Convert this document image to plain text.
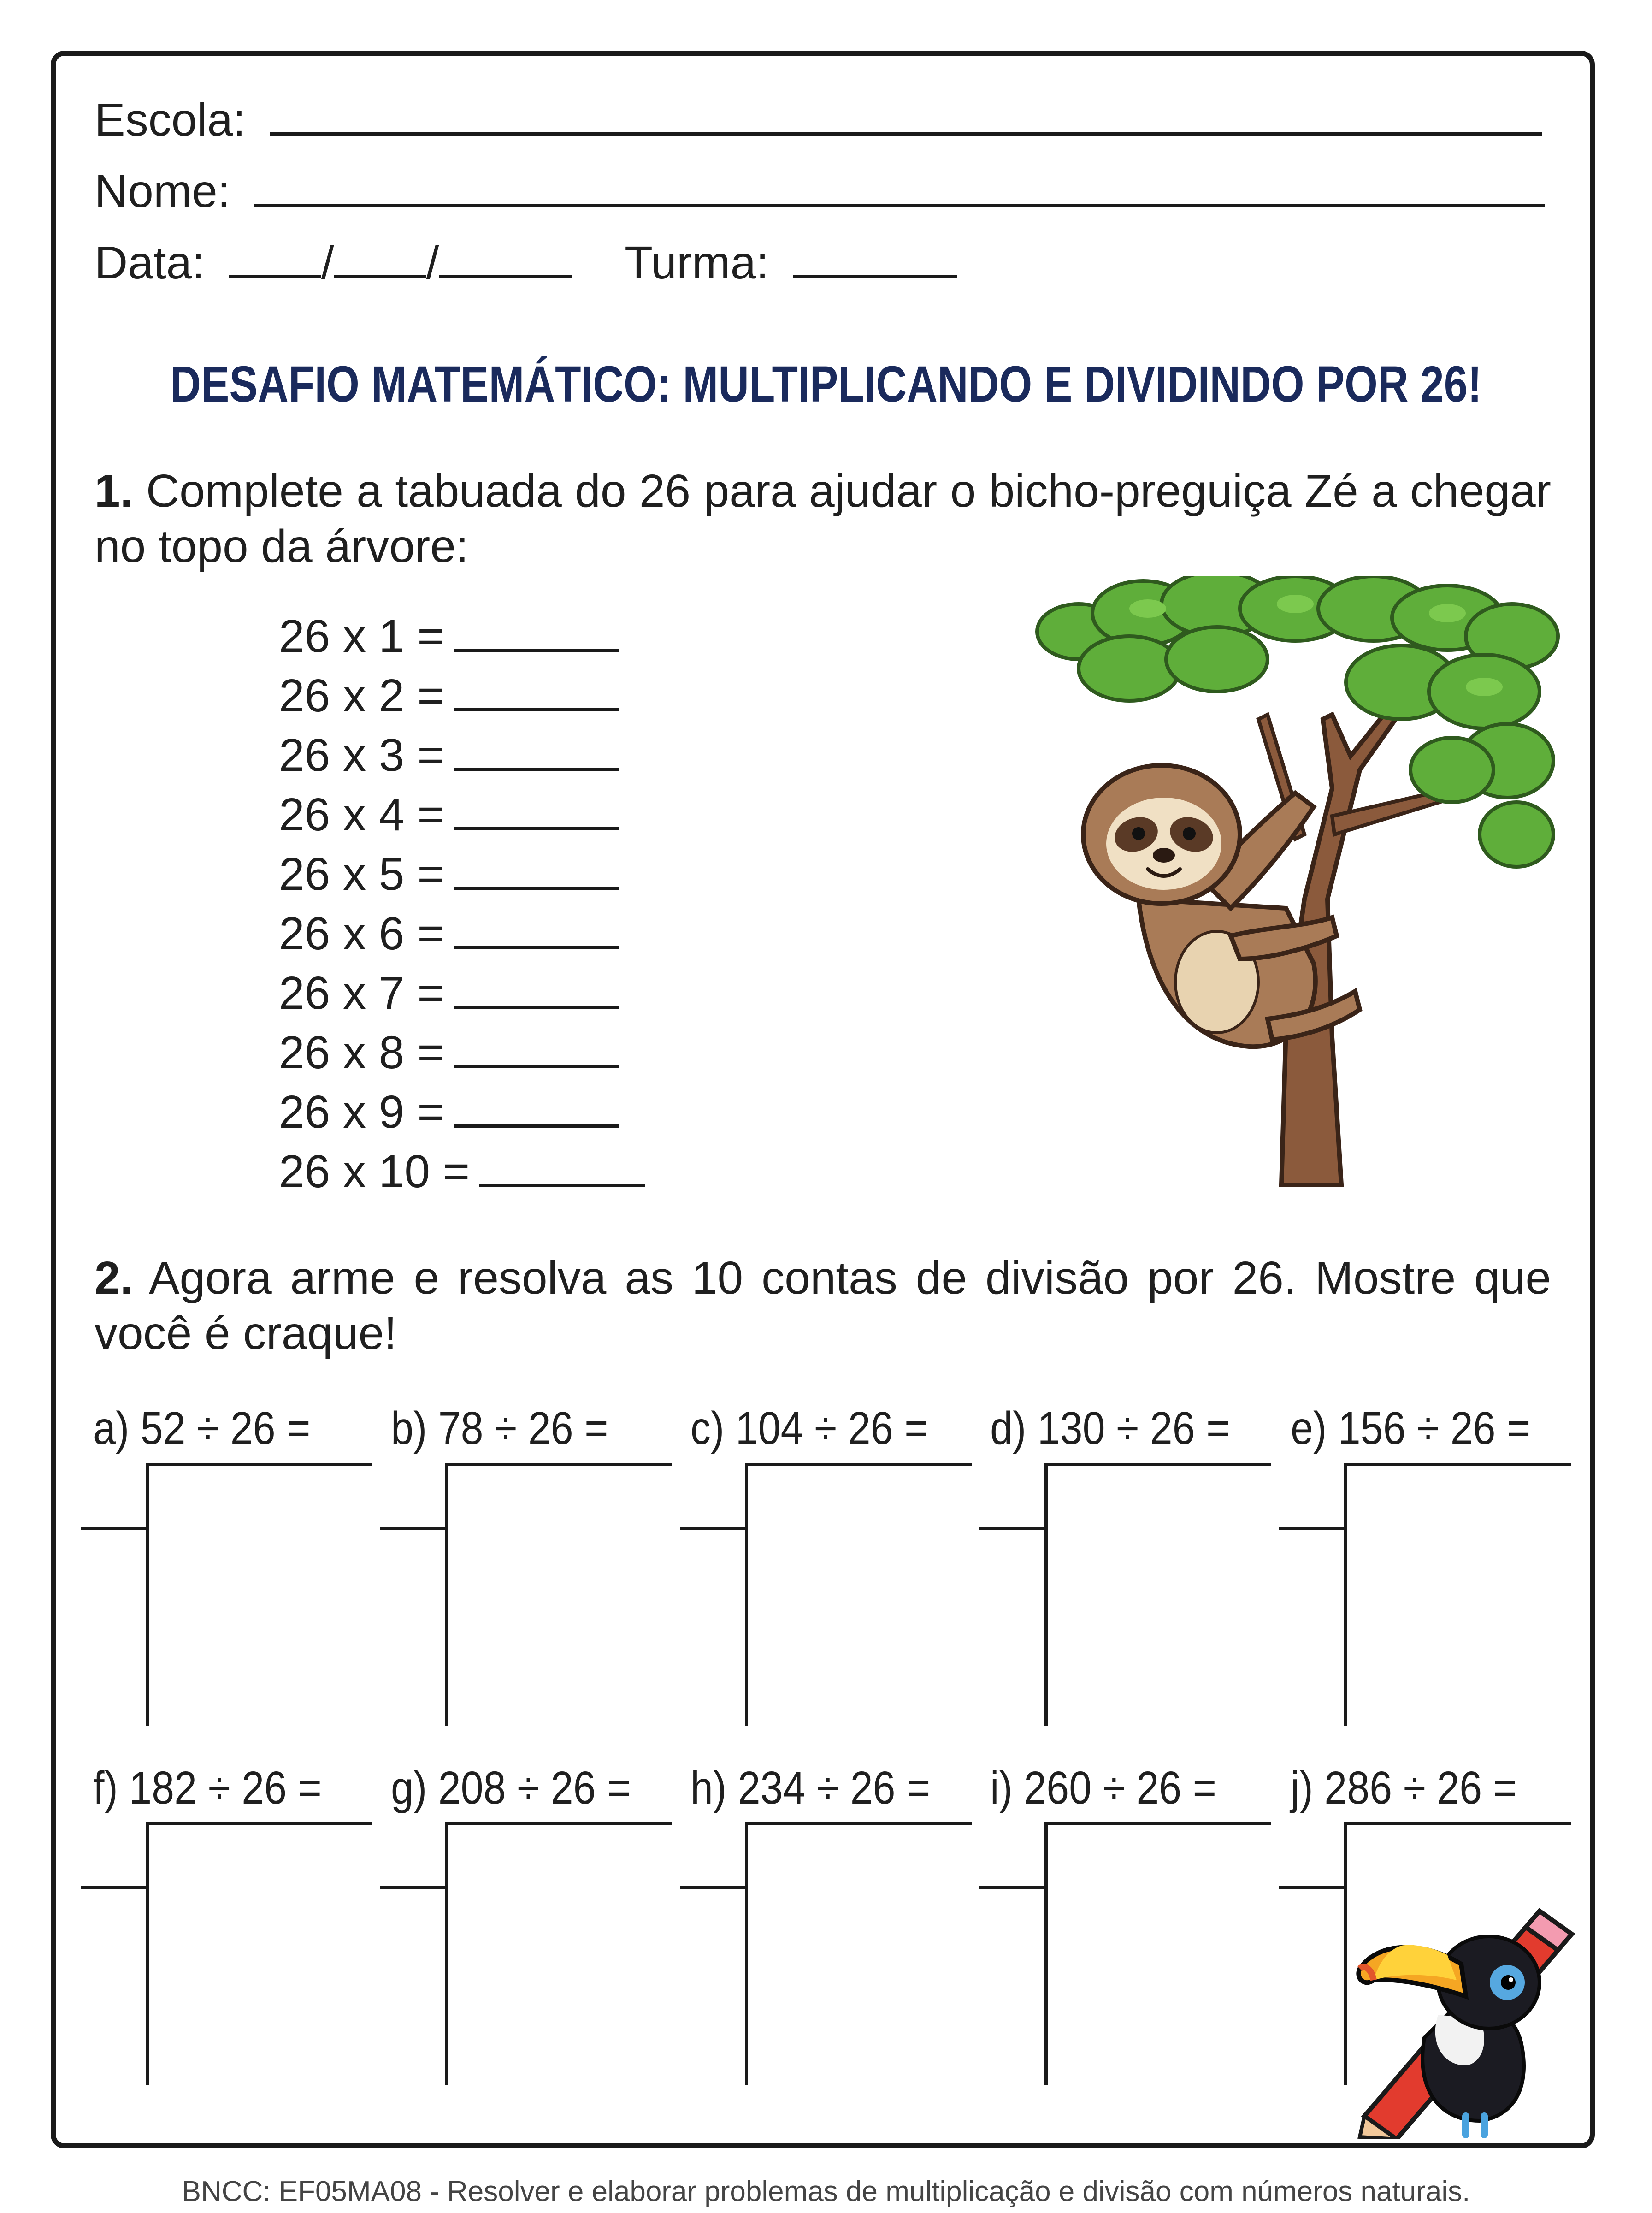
Escola:
Nome:
Data:	/ /	Turma:
DESAFIO MATEMÁTICO: MULTIPLICANDO E DIVIDINDO POR 26!
1. Complete a tabuada do 26 para ajudar o bicho-preguiça Zé a chegar no topo da árvore:
26 x 1 =
26 x 2 =
26 x 3 =
26 x 4 =
26 x 5 =
26 x 6 =
26 x 7 =
26 x 8 =
26 x 9 =
26 x 10 =
2. Agora arme e resolva as 10 contas de divisão por 26. Mostre que você é craque!
a) 52 ÷ 26 = b) 78 ÷ 26 = c) 104 ÷ 26 = d) 130 ÷ 26 = e) 156 ÷ 26 =
f) 182 ÷ 26 = g) 208 ÷ 26 = h) 234 ÷ 26 = i) 260 ÷ 26 = j) 286 ÷ 26 =
BNCC: EF05MA08 - Resolver e elaborar problemas de multiplicação e divisão com números naturais.
